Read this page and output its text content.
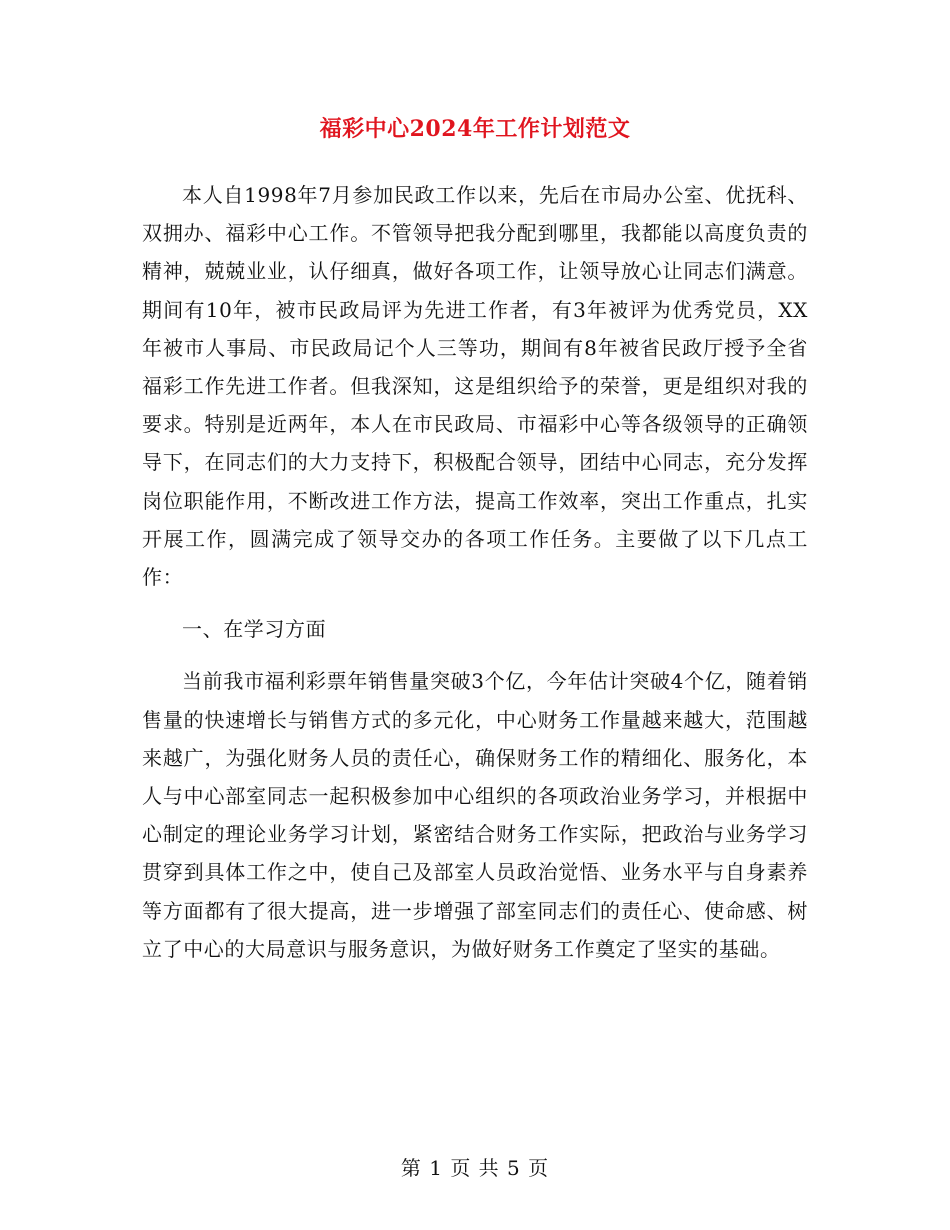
福彩中心2024年工作计划范文

本人自1998年7月参加民政工作以来，先后在市局办公室、优抚科、双拥办、福彩中心工作。不管领导把我分配到哪里，我都能以高度负责的精神，兢兢业业，认仔细真，做好各项工作，让领导放心让同志们满意。期间有10年，被市民政局评为先进工作者，有3年被评为优秀党员，XX年被市人事局、市民政局记个人三等功，期间有8年被省民政厅授予全省福彩工作先进工作者。但我深知，这是组织给予的荣誉，更是组织对我的要求。特别是近两年，本人在市民政局、市福彩中心等各级领导的正确领导下，在同志们的大力支持下，积极配合领导，团结中心同志，充分发挥岗位职能作用，不断改进工作方法，提高工作效率，突出工作重点，扎实开展工作，圆满完成了领导交办的各项工作任务。主要做了以下几点工作：

一、在学习方面

当前我市福利彩票年销售量突破3个亿，今年估计突破4个亿，随着销售量的快速增长与销售方式的多元化，中心财务工作量越来越大，范围越来越广，为强化财务人员的责任心，确保财务工作的精细化、服务化，本人与中心部室同志一起积极参加中心组织的各项政治业务学习，并根据中心制定的理论业务学习计划，紧密结合财务工作实际，把政治与业务学习贯穿到具体工作之中，使自己及部室人员政治觉悟、业务水平与自身素养等方面都有了很大提高，进一步增强了部室同志们的责任心、使命感、树立了中心的大局意识与服务意识，为做好财务工作奠定了坚实的基础。

第 1 页 共 5 页
